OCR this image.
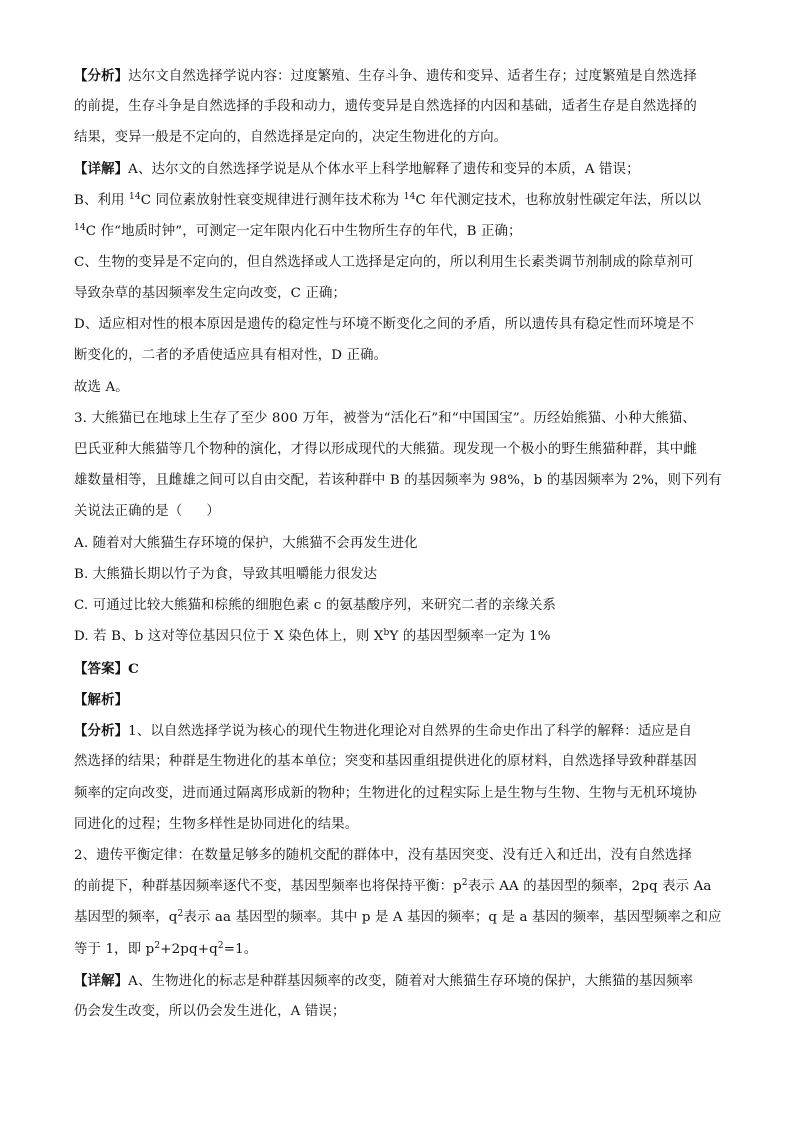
【分析】达尔文自然选择学说内容：过度繁殖、生存斗争、遗传和变异、适者生存；过度繁殖是自然选择
的前提，生存斗争是自然选择的手段和动力，遗传变异是自然选择的内因和基础，适者生存是自然选择的
结果，变异一般是不定向的，自然选择是定向的，决定生物进化的方向。
【详解】A、达尔文的自然选择学说是从个体水平上科学地解释了遗传和变异的本质，A 错误；
B、利用 $^{14}$C 同位素放射性衰变规律进行测年技术称为 $^{14}$C 年代测定技术，也称放射性碳定年法，所以以
$^{14}$C 作“地质时钟”，可测定一定年限内化石中生物所生存的年代，B 正确；
C、生物的变异是不定向的，但自然选择或人工选择是定向的，所以利用生长素类调节剂制成的除草剂可
导致杂草的基因频率发生定向改变，C 正确；
D、适应相对性的根本原因是遗传的稳定性与环境不断变化之间的矛盾，所以遗传具有稳定性而环境是不
断变化的，二者的矛盾使适应具有相对性，D 正确。
故选 A。
3. 大熊猫已在地球上生存了至少 800 万年，被誉为“活化石”和“中国国宝”。历经始熊猫、小种大熊猫、
巴氏亚种大熊猫等几个物种的演化，才得以形成现代的大熊猫。现发现一个极小的野生熊猫种群，其中雌
雄数量相等，且雌雄之间可以自由交配，若该种群中 B 的基因频率为 98%，b 的基因频率为 2%，则下列有
关说法正确的是（ ）
A. 随着对大熊猫生存环境的保护，大熊猫不会再发生进化
B. 大熊猫长期以竹子为食，导致其咀嚼能力很发达
C. 可通过比较大熊猫和棕熊的细胞色素 c 的氨基酸序列，来研究二者的亲缘关系
D. 若 B、b 这对等位基因只位于 X 染色体上，则 $X^bY$ 的基因型频率一定为 1%
【答案】C
【解析】
【分析】1、以自然选择学说为核心的现代生物进化理论对自然界的生命史作出了科学的解释：适应是自
然选择的结果；种群是生物进化的基本单位；突变和基因重组提供进化的原材料，自然选择导致种群基因
频率的定向改变，进而通过隔离形成新的物种；生物进化的过程实际上是生物与生物、生物与无机环境协
同进化的过程；生物多样性是协同进化的结果。
2、遗传平衡定律：在数量足够多的随机交配的群体中，没有基因突变、没有迁入和迁出，没有自然选择
的前提下，种群基因频率逐代不变，基因型频率也将保持平衡：$p^2$表示 AA 的基因型的频率，2pq 表示 Aa
基因型的频率，$q^2$表示 aa 基因型的频率。其中 p 是 A 基因的频率；q 是 a 基因的频率，基因型频率之和应
等于 1，即 $p^2+2pq+q^2=1$。
【详解】A、生物进化的标志是种群基因频率的改变，随着对大熊猫生存环境的保护，大熊猫的基因频率
仍会发生改变，所以仍会发生进化，A 错误；
